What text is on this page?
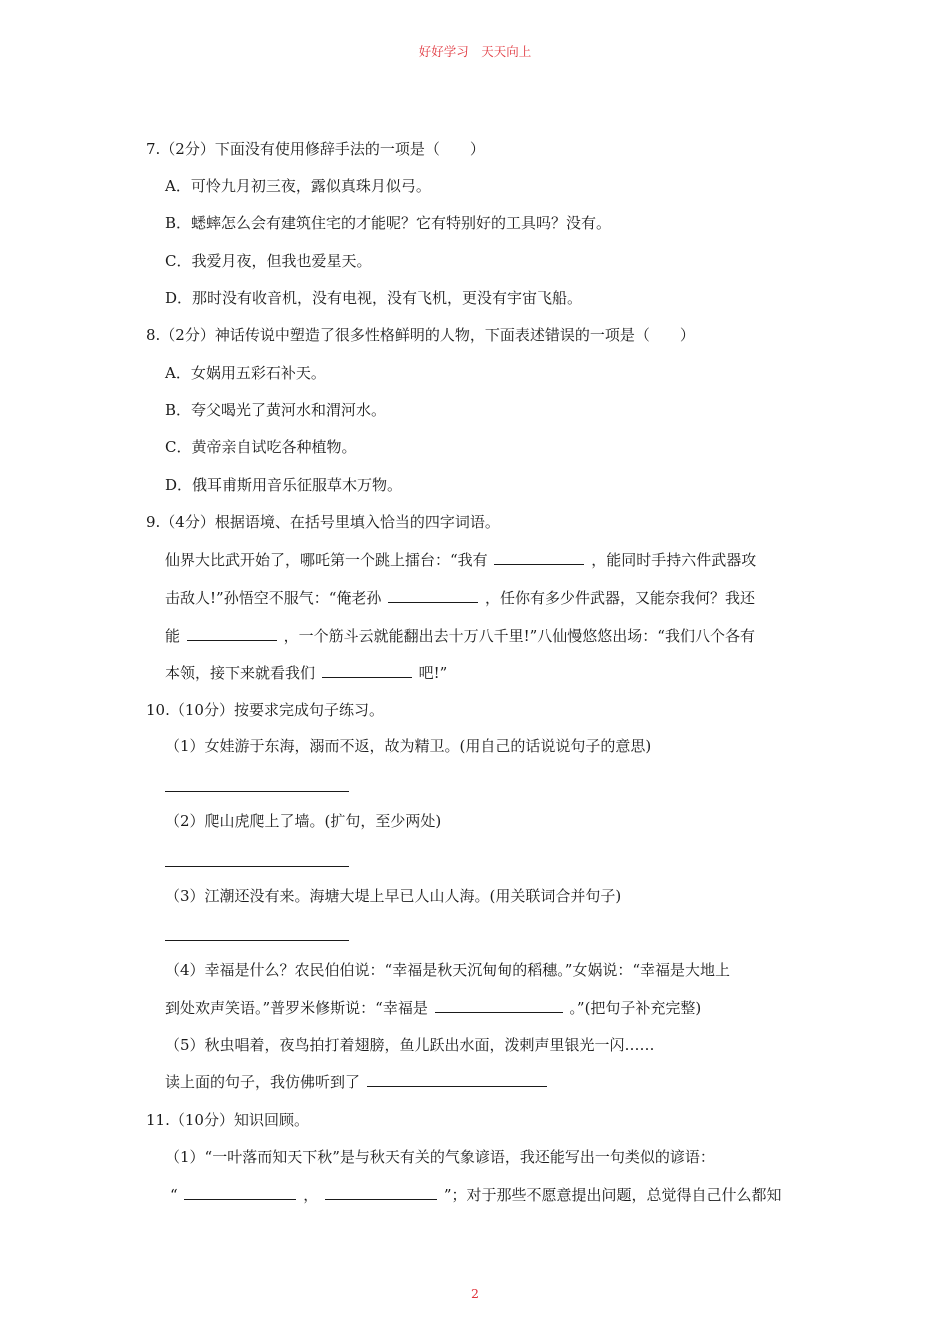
好好学习　天天向上
7.（2分）下面没有使用修辞手法的一项是（　　）
A．可怜九月初三夜，露似真珠月似弓。
B．蟋蟀怎么会有建筑住宅的才能呢？它有特别好的工具吗？没有。
C．我爱月夜，但我也爱星天。
D．那时没有收音机，没有电视，没有飞机，更没有宇宙飞船。
8.（2分）神话传说中塑造了很多性格鲜明的人物，下面表述错误的一项是（　　）
A．女娲用五彩石补天。
B．夸父喝光了黄河水和渭河水。
C．黄帝亲自试吃各种植物。
D．俄耳甫斯用音乐征服草木万物。
9.（4分）根据语境、在括号里填入恰当的四字词语。
仙界大比武开始了，哪吒第一个跳上擂台：“我有	，能同时手持六件武器攻
击敌人!”孙悟空不服气：“俺老孙	，任你有多少件武器，又能奈我何？我还
能	，一个筋斗云就能翻出去十万八千里!”八仙慢悠悠出场：“我们八个各有
本领，接下来就看我们	吧!”
10.（10分）按要求完成句子练习。
（1）女娃游于东海，溺而不返，故为精卫。(用自己的话说说句子的意思)
（2）爬山虎爬上了墙。(扩句，至少两处)
（3）江潮还没有来。海塘大堤上早已人山人海。(用关联词合并句子)
（4）幸福是什么？农民伯伯说：“幸福是秋天沉甸甸的稻穗。”女娲说：“幸福是大地上
到处欢声笑语。”普罗米修斯说：“幸福是	。”(把句子补充完整)
（5）秋虫唱着，夜鸟拍打着翅膀，鱼儿跃出水面，泼剌声里银光一闪……
读上面的句子，我仿佛听到了
11.（10分）知识回顾。
（1）“一叶落而知天下秋”是与秋天有关的气象谚语，我还能写出一句类似的谚语：
“	，	”；对于那些不愿意提出问题，总觉得自己什么都知
2
